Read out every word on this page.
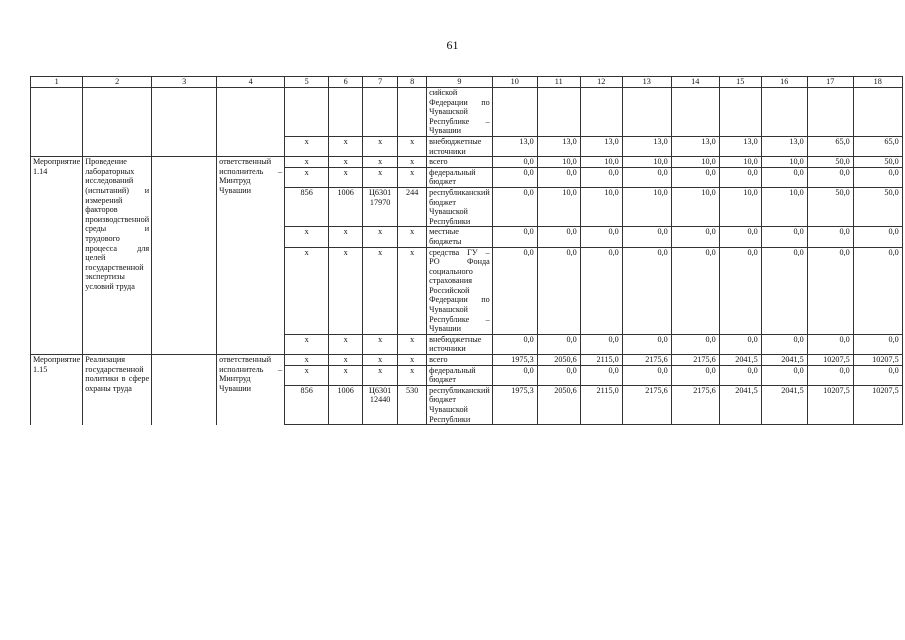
61
1	2	3	4	5	6	7	8	9	10	11	12	13	14	15	16	17	18
								сийской Федерации по Чувашской Республике – Чувашии									
				х	х	х	х	внебюджетные источники	13,0	13,0	13,0	13,0	13,0	13,0	13,0	65,0	65,0
Мероприятие 1.14	Проведение лабораторных исследований (испытаний) и измерений факторов производственной среды и трудового процесса для целей государственной экспертизы условий труда		ответственный исполнитель – Минтруд Чувашии	х	х	х	х	всего	0,0	10,0	10,0	10,0	10,0	10,0	10,0	50,0	50,0
				х	х	х	х	федеральный бюджет	0,0	0,0	0,0	0,0	0,0	0,0	0,0	0,0	0,0
				856	1006	Ц6301 17970	244	республиканский бюджет Чувашской Республики	0,0	10,0	10,0	10,0	10,0	10,0	10,0	50,0	50,0
				х	х	х	х	местные бюджеты	0,0	0,0	0,0	0,0	0,0	0,0	0,0	0,0	0,0
				х	х	х	х	средства ГУ – РО Фонда социального страхования Российской Федерации по Чувашской Республике – Чувашии	0,0	0,0	0,0	0,0	0,0	0,0	0,0	0,0	0,0
				х	х	х	х	внебюджетные источники	0,0	0,0	0,0	0,0	0,0	0,0	0,0	0,0	0,0
Мероприятие 1.15	Реализация государственной политики в сфере охраны труда		ответственный исполнитель – Минтруд Чувашии	х	х	х	х	всего	1975,3	2050,6	2115,0	2175,6	2175,6	2041,5	2041,5	10207,5	10207,5
				х	х	х	х	федеральный бюджет	0,0	0,0	0,0	0,0	0,0	0,0	0,0	0,0	0,0
				856	1006	Ц6301 12440	530	республиканский бюджет Чувашской Республики	1975,3	2050,6	2115,0	2175,6	2175,6	2041,5	2041,5	10207,5	10207,5
